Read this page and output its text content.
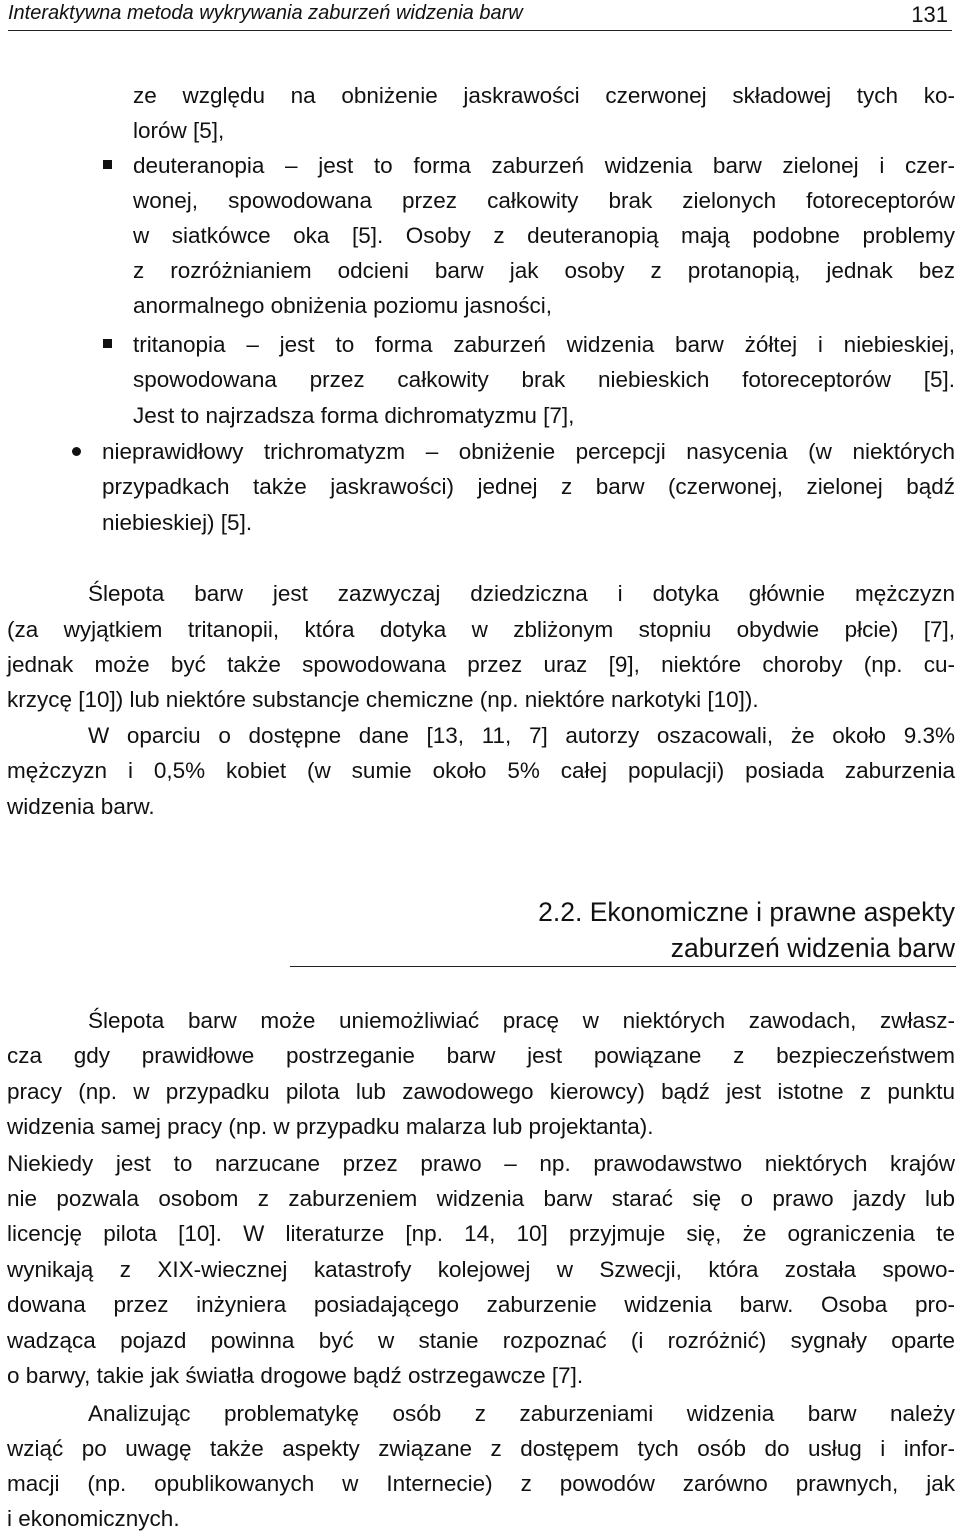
Interaktywna metoda wykrywania zaburzeń widzenia barw	131
ze względu na obniżenie jaskrawości czerwonej składowej tych ko-
lorów [5],
deuteranopia – jest to forma zaburzeń widzenia barw zielonej i czer-
wonej, spowodowana przez całkowity brak zielonych fotoreceptorów
w siatkówce oka [5]. Osoby z deuteranopią mają podobne problemy
z rozróżnianiem odcieni barw jak osoby z protanopią, jednak bez
anormalnego obniżenia poziomu jasności,
tritanopia – jest to forma zaburzeń widzenia barw żółtej i niebieskiej,
spowodowana przez całkowity brak niebieskich fotoreceptorów [5].
Jest to najrzadsza forma dichromatyzmu [7],
nieprawidłowy trichromatyzm – obniżenie percepcji nasycenia (w niektórych
przypadkach także jaskrawości) jednej z barw (czerwonej, zielonej bądź
niebieskiej) [5].
Ślepota barw jest zazwyczaj dziedziczna i dotyka głównie mężczyzn
(za wyjątkiem tritanopii, która dotyka w zbliżonym stopniu obydwie płcie) [7],
jednak może być także spowodowana przez uraz [9], niektóre choroby (np. cu-
krzycę [10]) lub niektóre substancje chemiczne (np. niektóre narkotyki [10]).
W oparciu o dostępne dane [13, 11, 7] autorzy oszacowali, że około 9.3%
mężczyzn i 0,5% kobiet (w sumie około 5% całej populacji) posiada zaburzenia
widzenia barw.
2.2. Ekonomiczne i prawne aspekty
zaburzeń widzenia barw
Ślepota barw może uniemożliwiać pracę w niektórych zawodach, zwłasz-
cza gdy prawidłowe postrzeganie barw jest powiązane z bezpieczeństwem
pracy (np. w przypadku pilota lub zawodowego kierowcy) bądź jest istotne z punktu
widzenia samej pracy (np. w przypadku malarza lub projektanta).
Niekiedy jest to narzucane przez prawo – np. prawodawstwo niektórych krajów
nie pozwala osobom z zaburzeniem widzenia barw starać się o prawo jazdy lub
licencję pilota [10]. W literaturze [np. 14, 10] przyjmuje się, że ograniczenia te
wynikają z XIX-wiecznej katastrofy kolejowej w Szwecji, która została spowo-
dowana przez inżyniera posiadającego zaburzenie widzenia barw. Osoba pro-
wadząca pojazd powinna być w stanie rozpoznać (i rozróżnić) sygnały oparte
o barwy, takie jak światła drogowe bądź ostrzegawcze [7].
Analizując problematykę osób z zaburzeniami widzenia barw należy
wziąć po uwagę także aspekty związane z dostępem tych osób do usług i infor-
macji (np. opublikowanych w Internecie) z powodów zarówno prawnych, jak
i ekonomicznych.
